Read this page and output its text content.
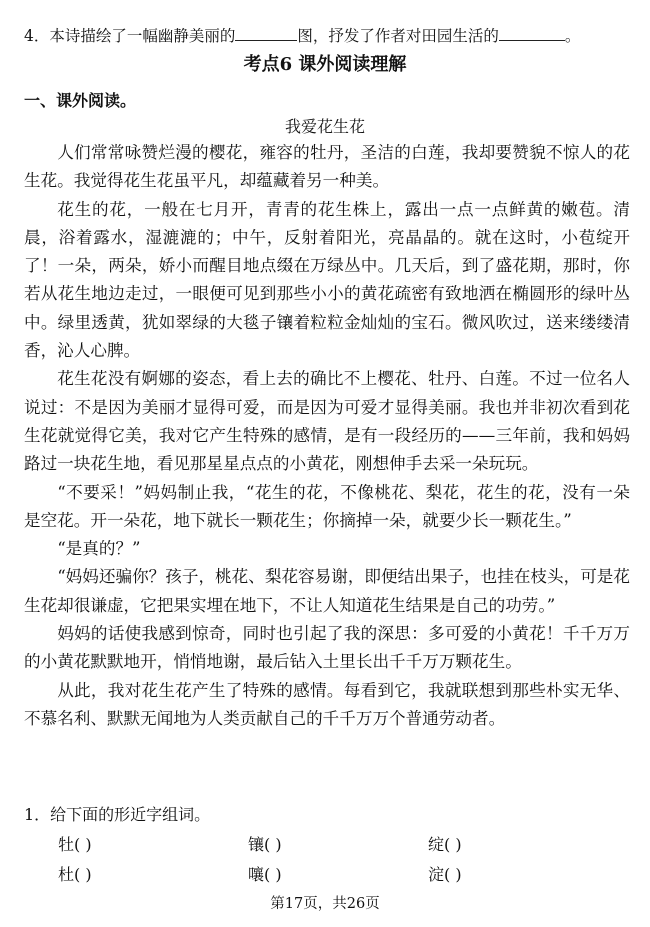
4．本诗描绘了一幅幽静美丽的	图，抒发了作者对田园生活的	。
考点6 课外阅读理解
一、课外阅读。
我爱花生花

人们常常咏赞烂漫的樱花，雍容的牡丹，圣洁的白莲，我却要赞貌不惊人的花生花。我觉得花生花虽平凡，却蕴藏着另一种美。

花生的花，一般在七月开，青青的花生株上，露出一点一点鲜黄的嫩苞。清晨，浴着露水，湿漉漉的；中午，反射着阳光，亮晶晶的。就在这时，小苞绽开了！一朵，两朵，娇小而醒目地点缀在万绿丛中。几天后，到了盛花期，那时，你若从花生地边走过，一眼便可见到那些小小的黄花疏密有致地洒在椭圆形的绿叶丛中。绿里透黄，犹如翠绿的大毯子镶着粒粒金灿灿的宝石。微风吹过，送来缕缕清香，沁人心脾。

花生花没有婀娜的姿态，看上去的确比不上樱花、牡丹、白莲。不过一位名人说过：不是因为美丽才显得可爱，而是因为可爱才显得美丽。我也并非初次看到花生花就觉得它美，我对它产生特殊的感情，是有一段经历的——三年前，我和妈妈路过一块花生地，看见那星星点点的小黄花，刚想伸手去采一朵玩玩。

“不要采！”妈妈制止我，“花生的花，不像桃花、梨花，花生的花，没有一朵是空花。开一朵花，地下就长一颗花生；你摘掉一朵，就要少长一颗花生。”

“是真的？”

“妈妈还骗你？孩子，桃花、梨花容易谢，即便结出果子，也挂在枝头，可是花生花却很谦虚，它把果实埋在地下，不让人知道花生结果是自己的功劳。”

妈妈的话使我感到惊奇，同时也引起了我的深思：多可爱的小黄花！千千万万的小黄花默默地开，悄悄地谢，最后钻入土里长出千千万万颗花生。

从此，我对花生花产生了特殊的感情。每看到它，我就联想到那些朴实无华、不慕名利、默默无闻地为人类贡献自己的千千万万个普通劳动者。

1．给下面的形近字组词。
牡( )	镶( )	绽( )
杜( )	嚷( )	淀( )
第17页，共26页
